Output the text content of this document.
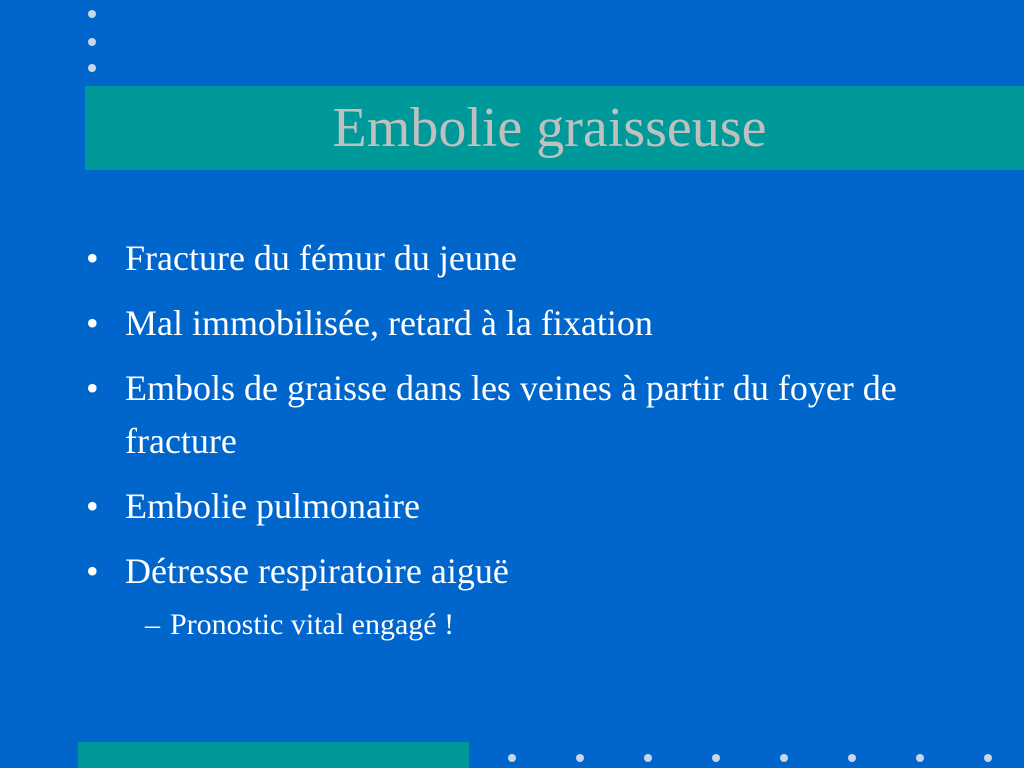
Embolie graisseuse
• Fracture du fémur du jeune
• Mal immobilisée, retard à la fixation
• Embols de graisse dans les veines à partir du foyer de fracture
• Embolie pulmonaire
• Détresse respiratoire aiguë
– Pronostic vital engagé !
